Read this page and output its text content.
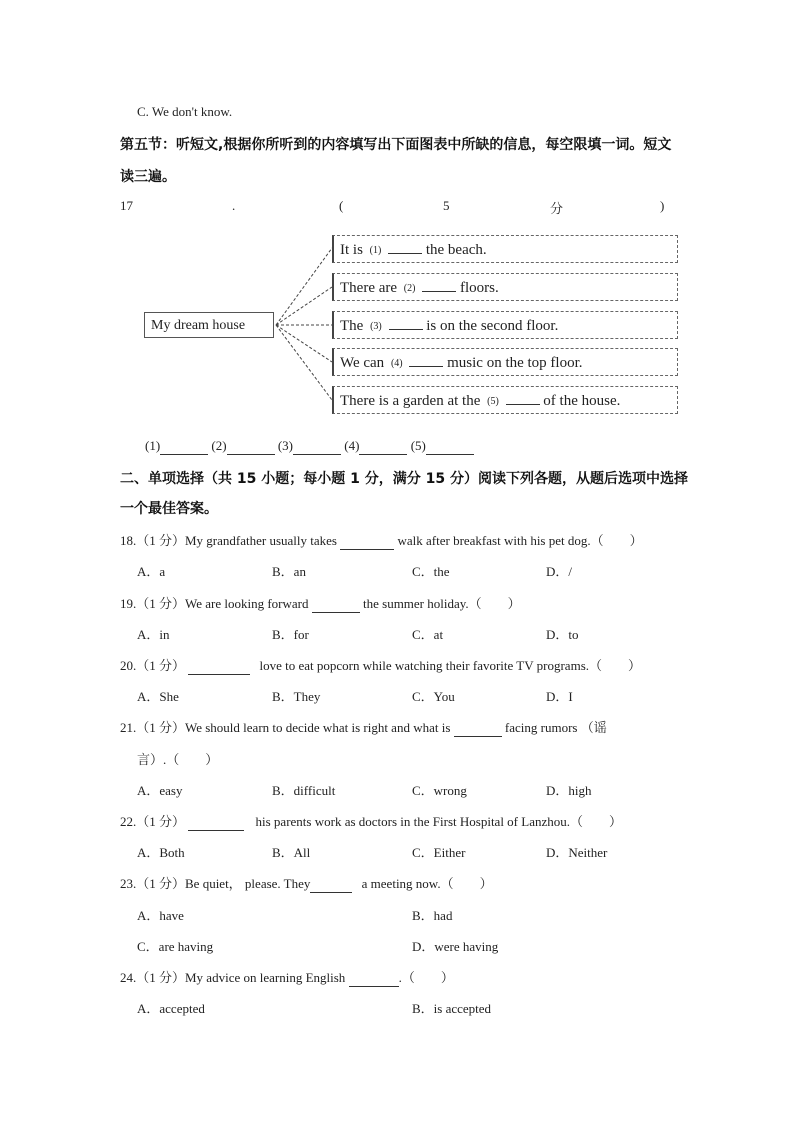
C. We don't know.
第五节：听短文,根据你所听到的内容填写出下面图表中所缺的信息，每空限填一词。短文
读三遍。
17	.	(	5	分	)
My dream house
It is (1)	the beach.
There are (2)	floors.
The (3)	is on the second floor.
We can (4)	music on the top floor.
There is a garden at the (5)	of the house.
(1)	(2)	(3)	(4)	(5)
二、单项选择（共 15 小题；每小题 1 分，满分 15 分）阅读下列各题，从题后选项中选择
一个最佳答案。
18.（1 分）My grandfather usually takes	walk after breakfast with his pet dog.（　　）
A．a	B．an	C．the	D．/
19.（1 分）We are looking forward	the summer holiday.（　　）
A．in	B．for	C．at	D．to
20.（1 分）	love to eat popcorn while watching their favorite TV programs.（　　）
A．She	B．They	C．You	D．I
21.（1 分）We should learn to decide what is right and what is	facing rumors （谣
言）.（　　）
A．easy	B．difficult	C．wrong	D．high
22.（1 分）	his parents work as doctors in the First Hospital of Lanzhou.（　　）
A．Both	B．All	C．Either	D．Neither
23.（1 分）Be quiet， please. They	a meeting now.（　　）
A．have	B．had
C．are having	D．were having
24.（1 分）My advice on learning English	.（　　）
A．accepted	B．is accepted
